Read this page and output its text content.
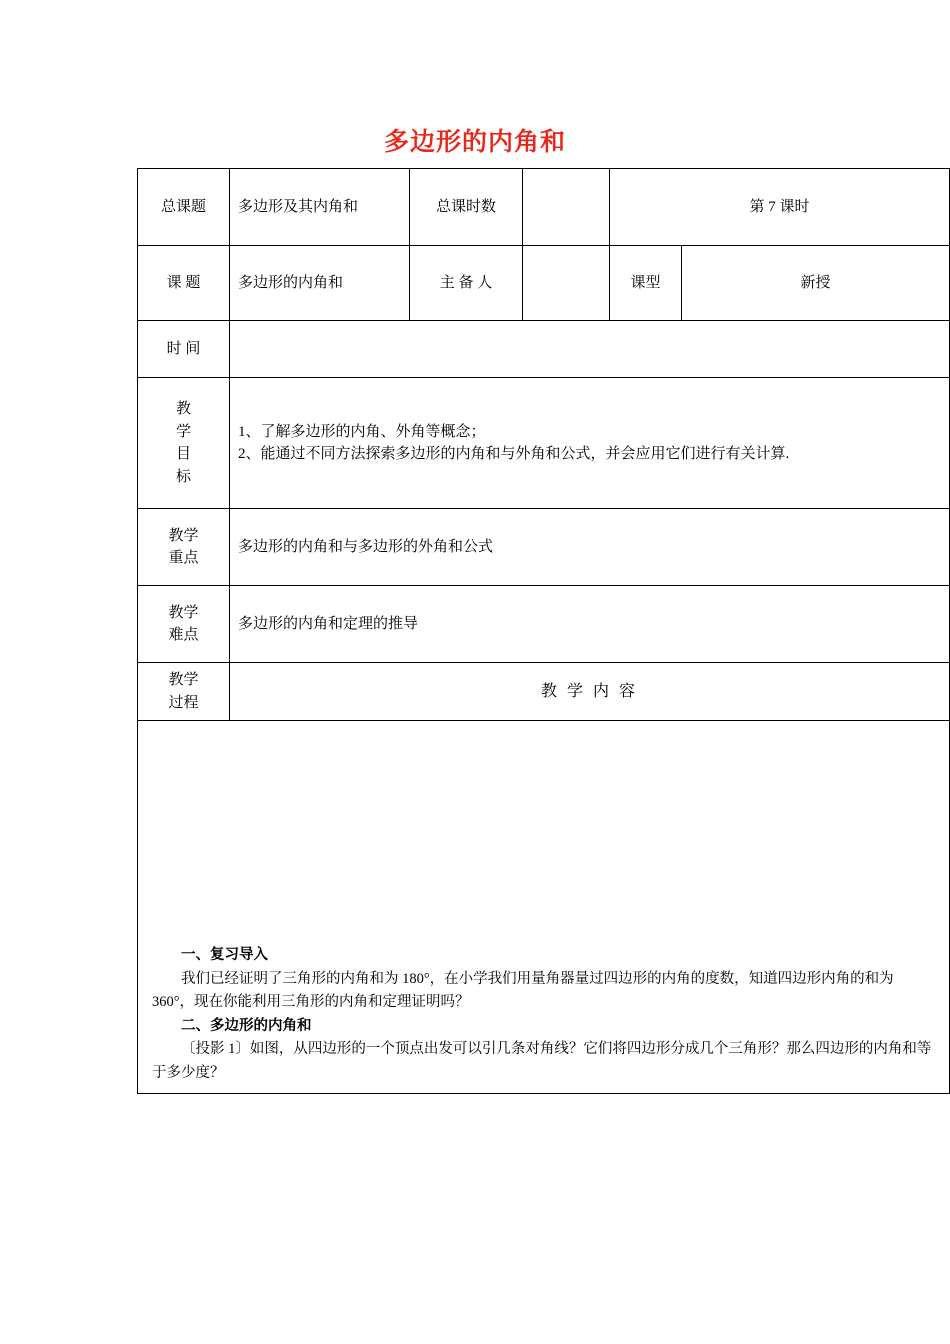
多边形的内角和
总课题	多边形及其内角和	总课时数		第 7 课时	
课 题	多边形的内角和	主 备 人		课型	新授
时 间					
教
学
目
标	1、了解多边形的内角、外角等概念；
2、能通过不同方法探索多边形的内角和与外角和公式，并会应用它们进行有关计算.				
教学
重点	多边形的内角和与多边形的外角和公式				
教学
难点	多边形的内角和定理的推导				
教学
过程	教 学 内 容				

一、复习导入

我们已经证明了三角形的内角和为 180°，在小学我们用量角器量过四边形的内角的度数，知道四边形内角的和为 360°，现在你能利用三角形的内角和定理证明吗？

二、多边形的内角和

〔投影 1〕如图，从四边形的一个顶点出发可以引几条对角线？它们将四边形分成几个三角形？那么四边形的内角和等于多少度？					
